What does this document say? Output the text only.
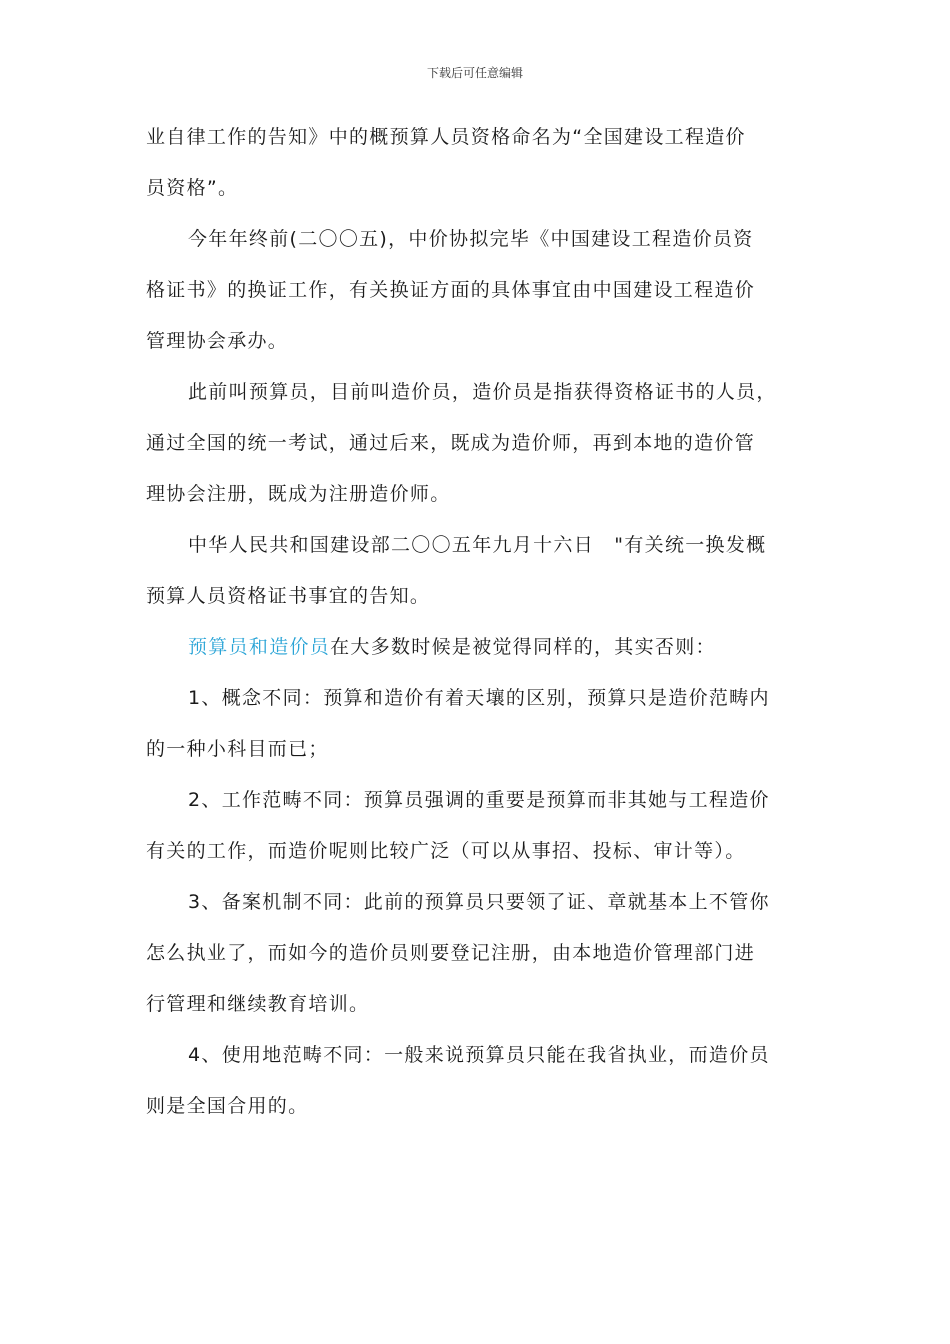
下载后可任意编辑

业自律工作的告知》中的概预算人员资格命名为“全国建设工程造价

员资格”。

今年年终前(二〇〇五)，中价协拟完毕《中国建设工程造价员资

格证书》的换证工作，有关换证方面的具体事宜由中国建设工程造价

管理协会承办。

此前叫预算员，目前叫造价员，造价员是指获得资格证书的人员，

通过全国的统一考试，通过后来，既成为造价师，再到本地的造价管

理协会注册，既成为注册造价师。

中华人民共和国建设部二〇〇五年九月十六日　"有关统一换发概

预算人员资格证书事宜的告知。

预算员和造价员在大多数时候是被觉得同样的，其实否则：

1、概念不同：预算和造价有着天壤的区别，预算只是造价范畴内

的一种小科目而已；

2、工作范畴不同：预算员强调的重要是预算而非其她与工程造价

有关的工作，而造价呢则比较广泛（可以从事招、投标、审计等）。

3、备案机制不同：此前的预算员只要领了证、章就基本上不管你

怎么执业了，而如今的造价员则要登记注册，由本地造价管理部门进

行管理和继续教育培训。

4、使用地范畴不同：一般来说预算员只能在我省执业，而造价员

则是全国合用的。
